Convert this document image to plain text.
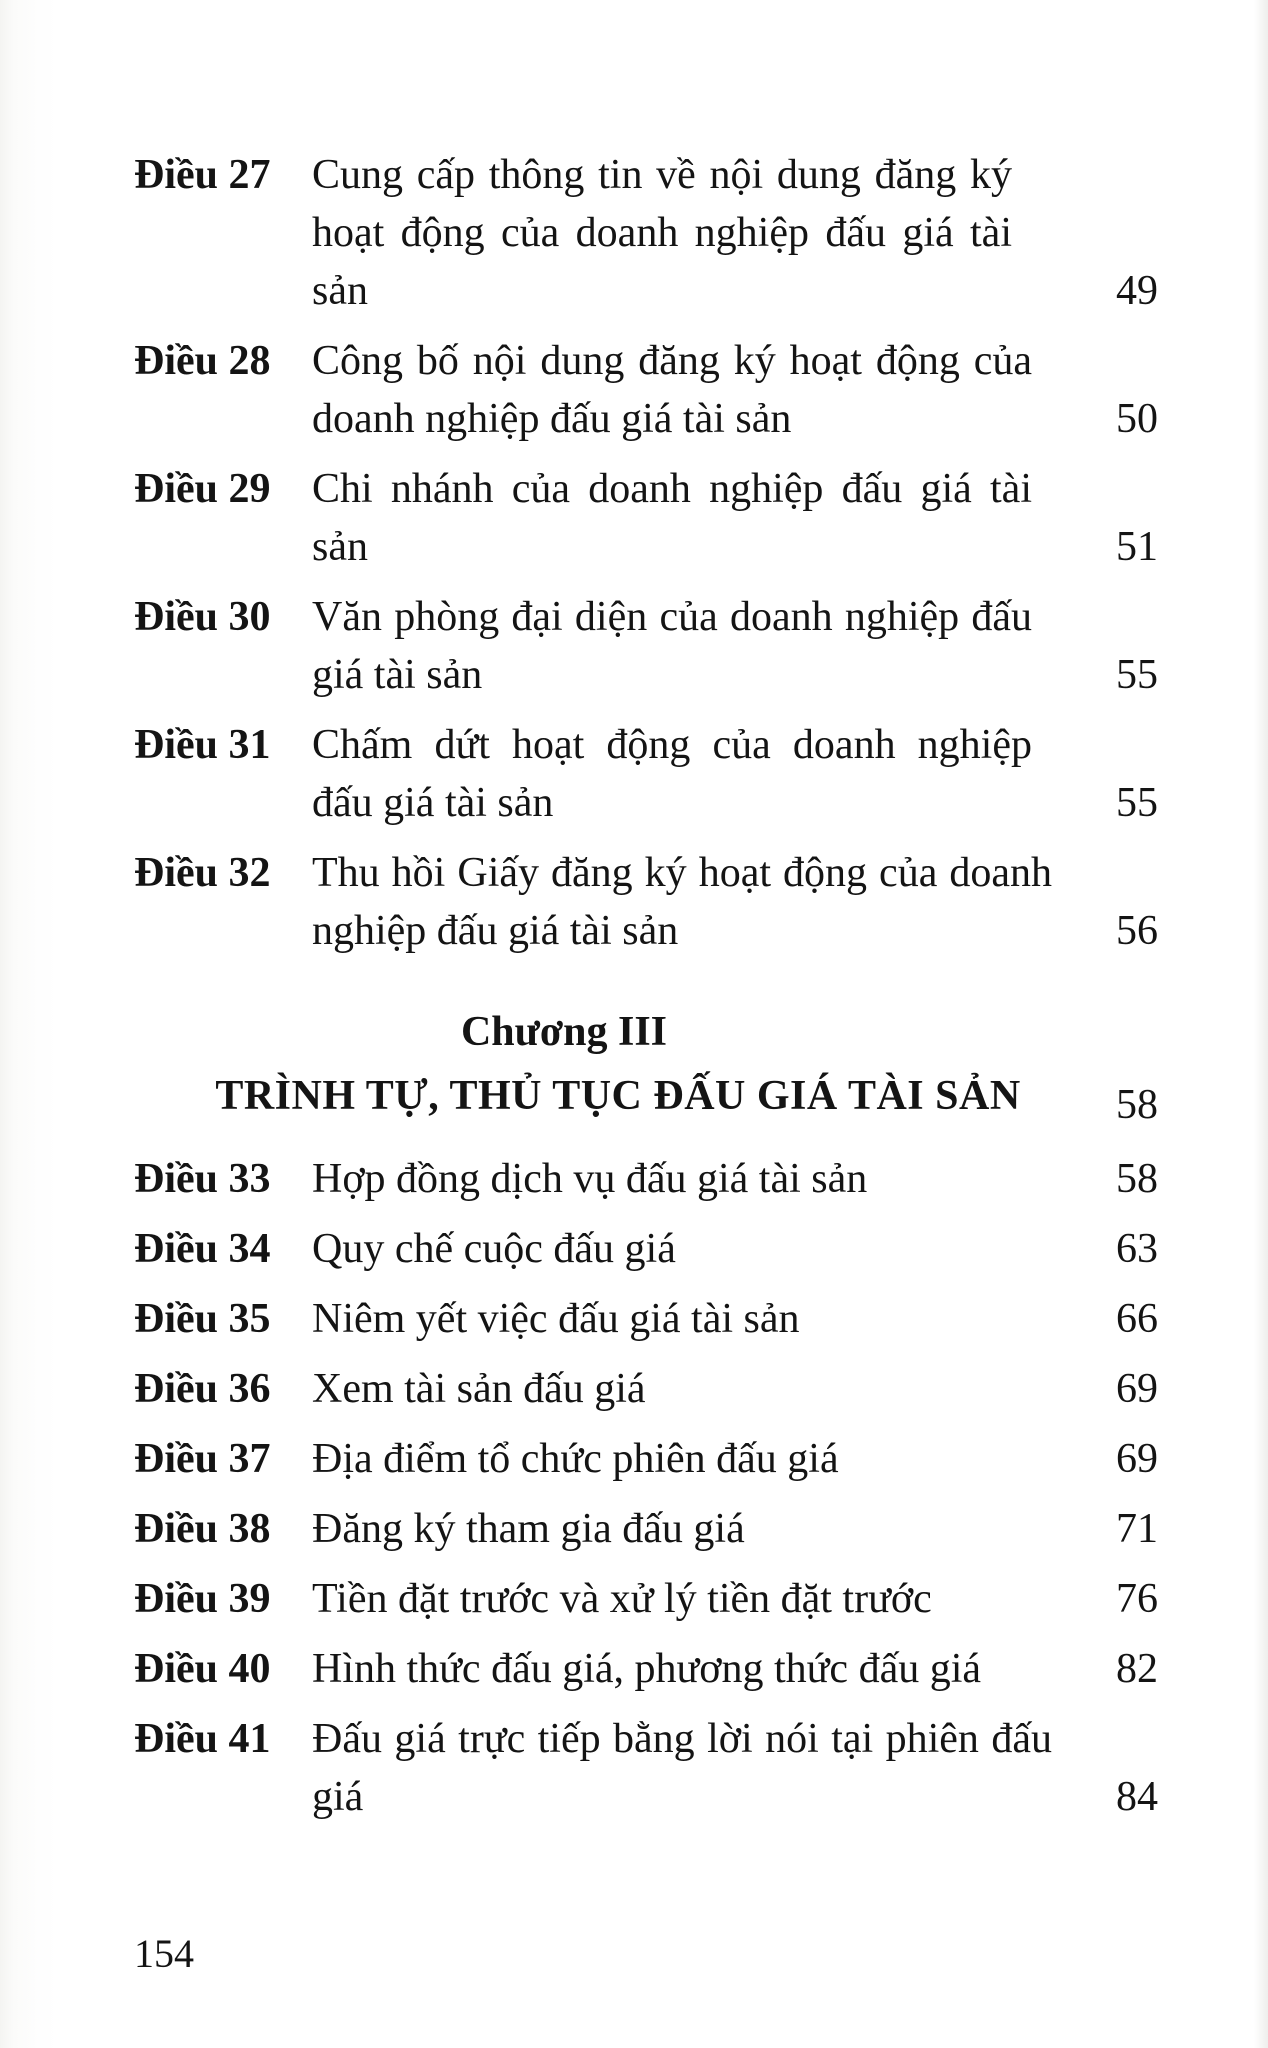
Điều 27 Cung cấp thông tin về nội dung đăng ký hoạt động của doanh nghiệp đấu giá tài sản	49
Điều 28 Công bố nội dung đăng ký hoạt động của doanh nghiệp đấu giá tài sản	50
Điều 29 Chi nhánh của doanh nghiệp đấu giá tài sản	51
Điều 30 Văn phòng đại diện của doanh nghiệp đấu giá tài sản	55
Điều 31 Chấm dứt hoạt động của doanh nghiệp đấu giá tài sản	55
Điều 32 Thu hồi Giấy đăng ký hoạt động của doanh nghiệp đấu giá tài sản	56
Chương III
TRÌNH TỰ, THỦ TỤC ĐẤU GIÁ TÀI SẢN	58
Điều 33 Hợp đồng dịch vụ đấu giá tài sản	58
Điều 34 Quy chế cuộc đấu giá	63
Điều 35 Niêm yết việc đấu giá tài sản	66
Điều 36 Xem tài sản đấu giá	69
Điều 37 Địa điểm tổ chức phiên đấu giá	69
Điều 38 Đăng ký tham gia đấu giá	71
Điều 39 Tiền đặt trước và xử lý tiền đặt trước	76
Điều 40 Hình thức đấu giá, phương thức đấu giá	82
Điều 41 Đấu giá trực tiếp bằng lời nói tại phiên đấu giá	84
154
